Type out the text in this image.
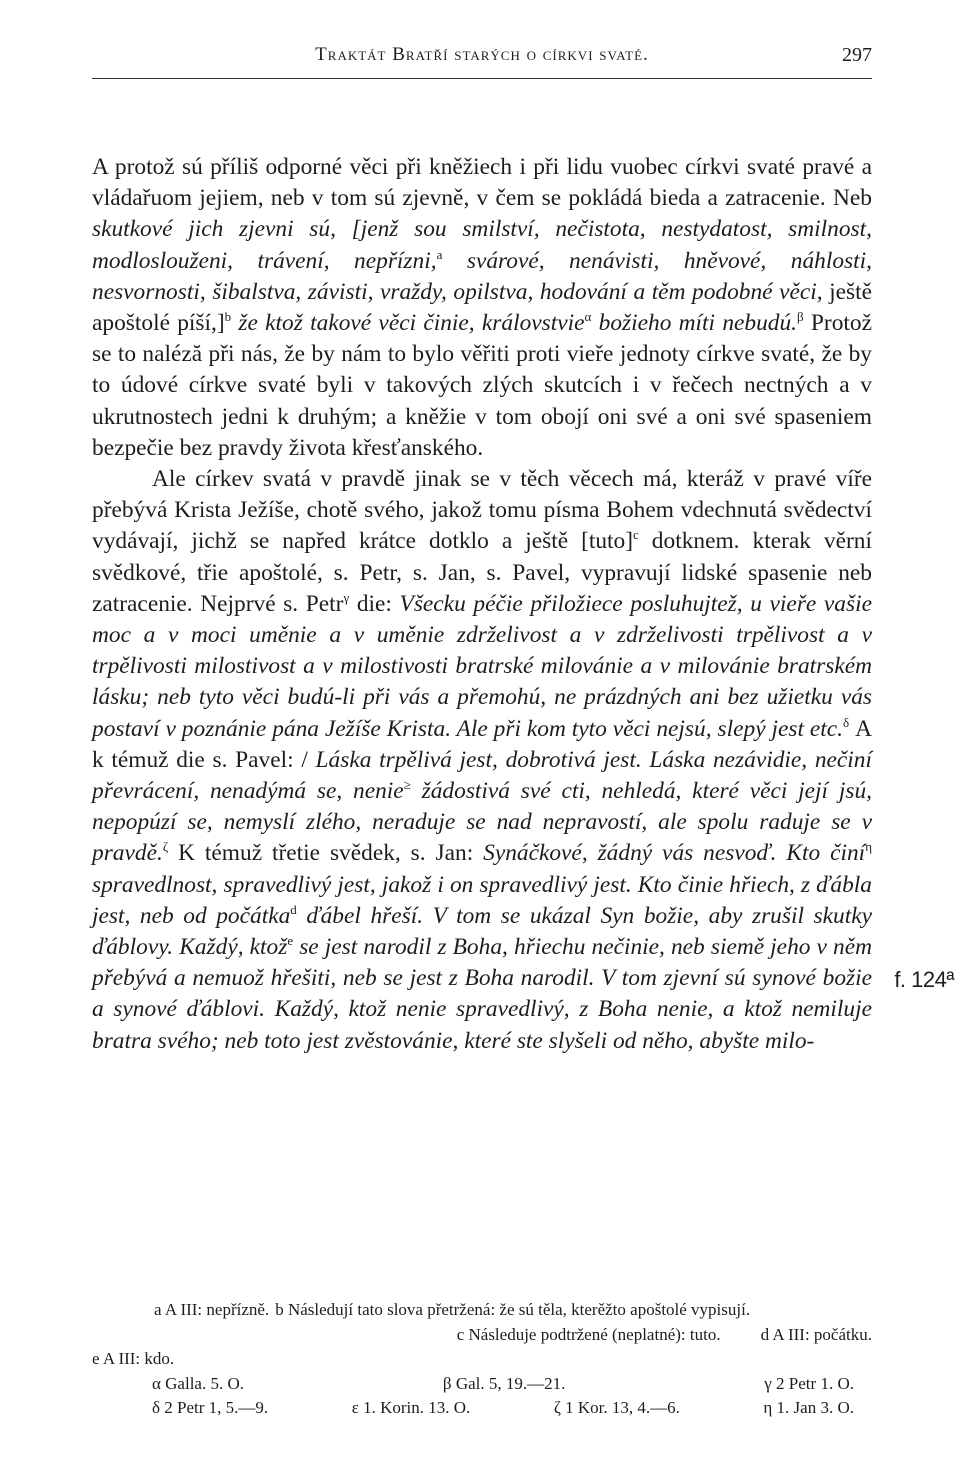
Traktát Bratří starých o církvi svaté.	297

A protož sú příliš odporné věci při kněžiech i při lidu vuobec církvi svaté pravé a vládařuom jejiem, neb v tom sú zjevně, v čem se pokládá bieda a zatracenie. Neb skutkové jich zjevni sú, [jenž sou smilství, nečistota, nestydatost, smilnost, modloslouženi, trávení, nepřízni,$^a$ svárové, nenávisti, hněvové, náhlosti, nesvornosti, šibalstva, závisti, vraždy, opilstva, hodování a těm podobné věci, ještě apoštolé píší,]$^b$ že ktož takové věci činie, královstvie$^\alpha$ božieho míti nebudú.$^\beta$ Protož se to naléză při nás, že by nám to bylo věřiti proti vieře jednoty církve svaté, že by to údové církve svaté byli v takových zlých skutcích i v řečech nectných a v ukrutnostech jedni k druhým; a kněžie v tom obojí oni své a oni své spaseniem bezpečie bez pravdy života křesťanského.

Ale církev svatá v pravdě jinak se v těch věcech má, kteráž v pravé víře přebývá Krista Ježíše, chotě svého, jakož tomu písma Bohem vdechnutá svědectví vydávají, jichž se napřed krátce dotklo a ještě [tuto]$^c$ dotknem. kterak věrní svědkové, třie apoštolé, s. Petr, s. Jan, s. Pavel, vypravují lidské spasenie neb zatracenie. Nejprvé s. Petr$^\gamma$ die: Všecku péčie přiložiece posluhujtež, u vieře vašie moc a v moci uměnie a v uměnie zdrželivost a v zdrželivosti trpělivost a v trpělivosti milostivost a v milostivosti bratrské milovánie a v milovánie bratrském lásku; neb tyto věci budú-li při vás a přemohú, ne prázdných ani bez užietku vás postaví v poznánie pána Ježíše Krista. Ale při kom tyto věci nejsú, slepý jest etc.$^\delta$ A k témuž die s. Pavel: / Láska trpělivá jest, dobrotivá jest. Láska nezávidie, nečiní převrácení, nenadýmá se, nenie≥ žádostivá své cti, nehledá, které věci její jsú, nepopúzí se, nemyslí zlého, neraduje se nad nepravostí, ale spolu raduje se v pravdě.$^\zeta$ K témuž třetie svědek, s. Jan: Synáčkové, žádný vás nesvoď. Kto činí$^\eta$ spravedlnost, spravedlivý jest, jakož i on spravedlivý jest. Kto činie hřiech, z ďábla jest, neb od počátka$^d$ ďábel hřeší. V tom se ukázal Syn božie, aby zrušil skutky ďáblovy. Každý, ktož$^e$ se jest narodil z Boha, hřiechu nečinie, neb siemě jeho v něm přebývá a nemuož hřešiti, neb se jest z Boha narodil. V tom zjevní sú synové božie a synové ďáblovi. Každý, ktož nenie spravedlivý, z Boha nenie, a ktož nemiluje bratra svého; neb toto jest zvěstovánie, které ste slyšeli od něho, abyšte milo-

f. 124ª
a A III: nepřízně. b Následují tato slova přetržená: že sú těla, kterěžto apoštolé vypisují.
c Následuje podtržené (neplatné): tuto. d A III: počátku.
e A III: kdo.
α Galla. 5. O.	β Gal. 5, 19.—21.	γ 2 Petr 1. O.
δ 2 Petr 1, 5.—9.	ε 1. Korin. 13. O.	ζ 1 Kor. 13, 4.—6.	η 1. Jan 3. O.
